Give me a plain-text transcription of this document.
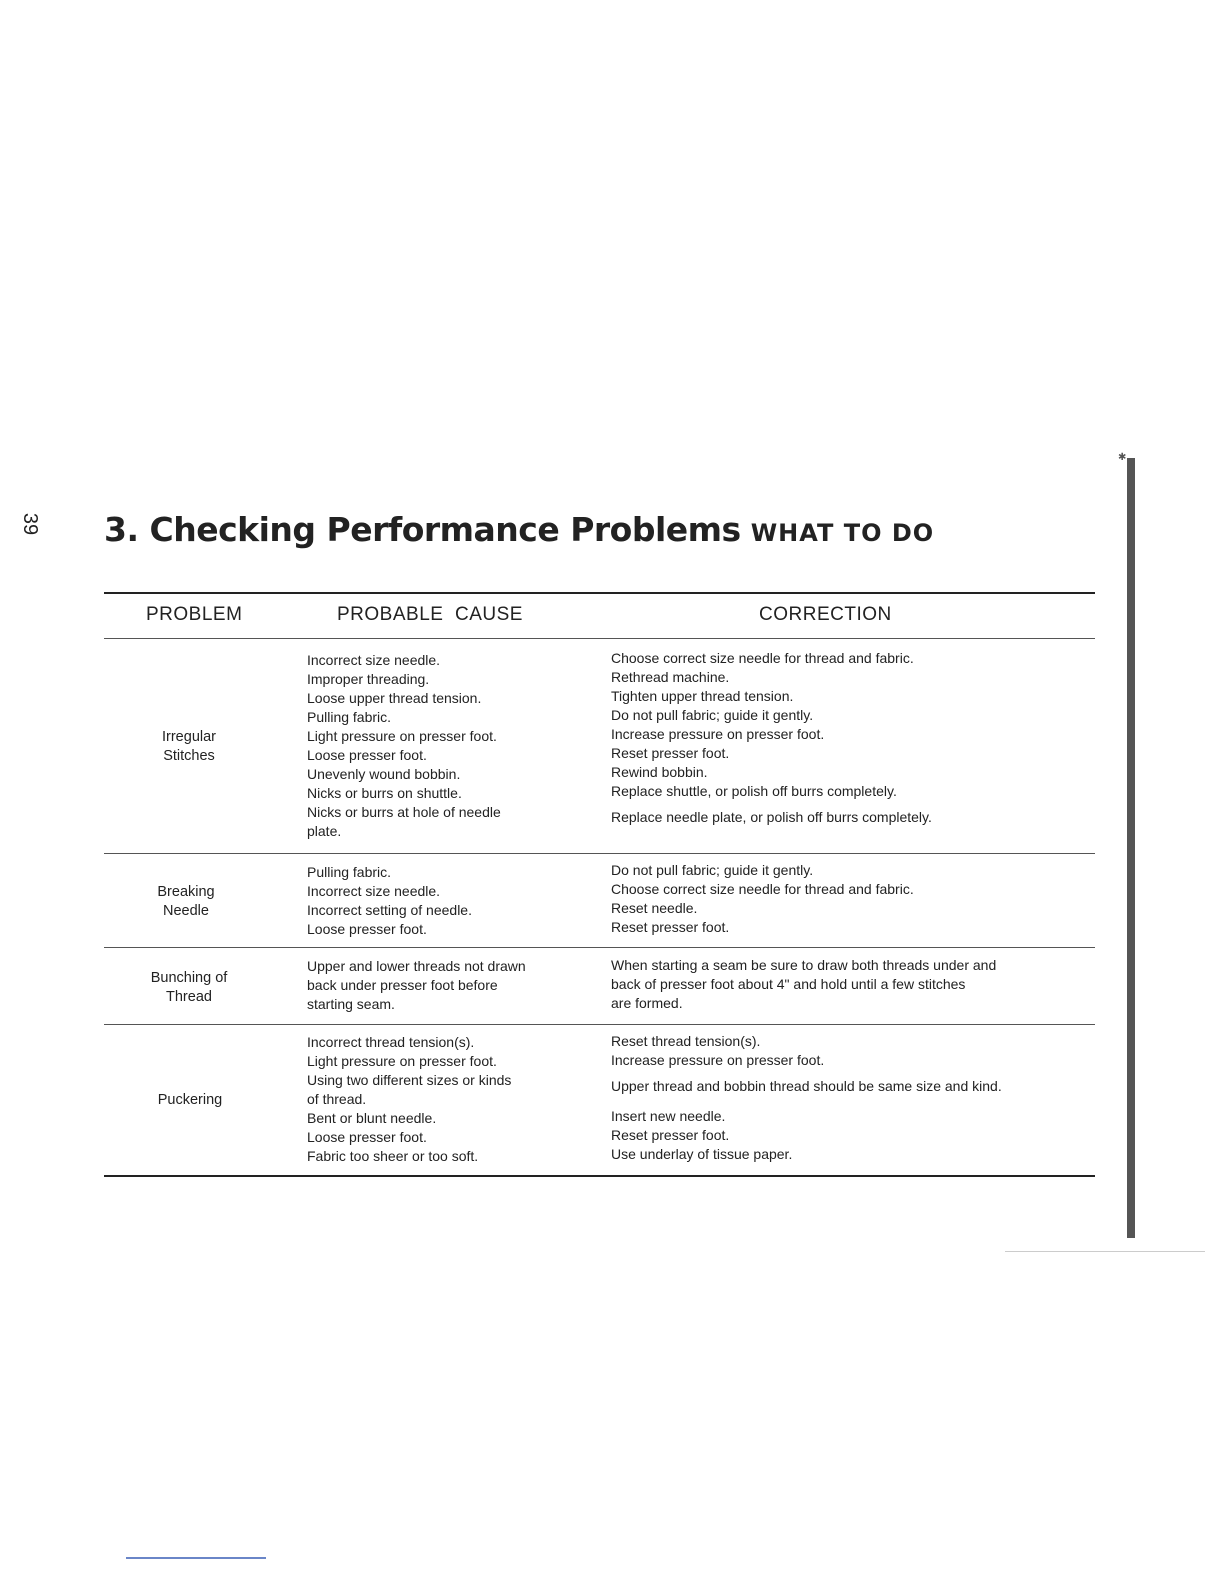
39 3. Checking Performance Problems WHAT TO DO
✱
PROBLEM	PROBABLE  CAUSE	CORRECTION
Irregular
Stitches
Incorrect size needle.
Improper threading.
Loose upper thread tension.
Pulling fabric.
Light pressure on presser foot.
Loose presser foot.
Unevenly wound bobbin.
Nicks or burrs on shuttle.
Nicks or burrs at hole of needle
plate.
Choose correct size needle for thread and fabric.
Rethread machine.
Tighten upper thread tension.
Do not pull fabric; guide it gently.
Increase pressure on presser foot.
Reset presser foot.
Rewind bobbin.
Replace shuttle, or polish off burrs completely.
Replace needle plate, or polish off burrs completely.
Breaking
Needle
Pulling fabric.
Incorrect size needle.
Incorrect setting of needle.
Loose presser foot.
Do not pull fabric; guide it gently.
Choose correct size needle for thread and fabric.
Reset needle.
Reset presser foot.
Bunching of
Thread
Upper and lower threads not drawn
back under presser foot before
starting seam.
When starting a seam be sure to draw both threads under and
back of presser foot about 4" and hold until a few stitches
are formed.
Puckering
Incorrect thread tension(s).
Light pressure on presser foot.
Using two different sizes or kinds
of thread.
Bent or blunt needle.
Loose presser foot.
Fabric too sheer or too soft.
Reset thread tension(s).
Increase pressure on presser foot.
Upper thread and bobbin thread should be same size and kind.
Insert new needle.
Reset presser foot.
Use underlay of tissue paper.
